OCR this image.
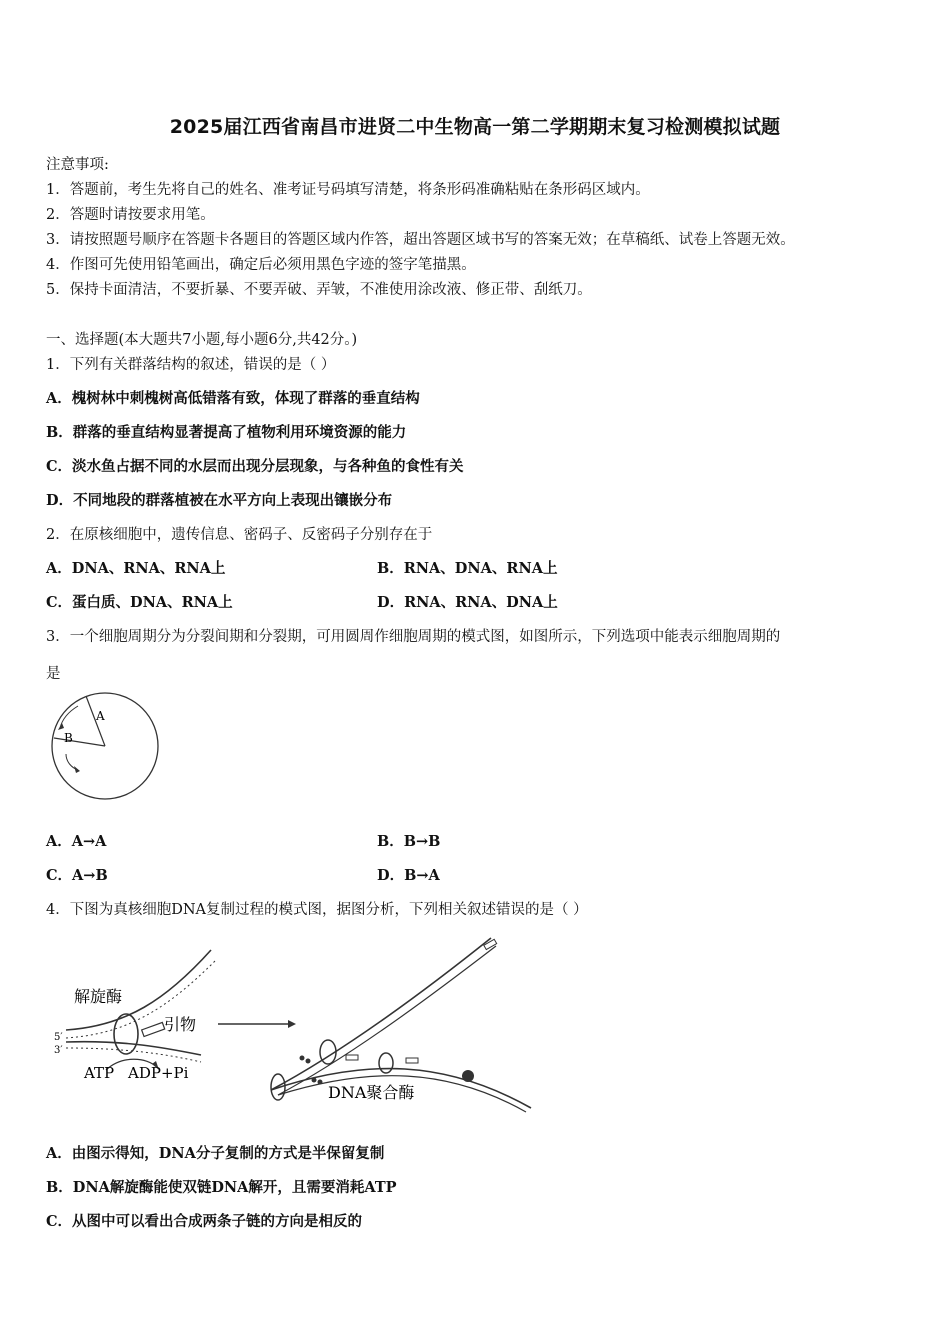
2025届江西省南昌市进贤二中生物高一第二学期期末复习检测模拟试题
注意事项:
1．答题前，考生先将自己的姓名、准考证号码填写清楚，将条形码准确粘贴在条形码区域内。
2．答题时请按要求用笔。
3．请按照题号顺序在答题卡各题目的答题区域内作答，超出答题区域书写的答案无效；在草稿纸、试卷上答题无效。
4．作图可先使用铅笔画出，确定后必须用黑色字迹的签字笔描黑。
5．保持卡面清洁，不要折暴、不要弄破、弄皱，不准使用涂改液、修正带、刮纸刀。
一、选择题(本大题共7小题,每小题6分,共42分。)
1．下列有关群落结构的叙述，错误的是（ ）
A．槐树林中刺槐树高低错落有致，体现了群落的垂直结构
B．群落的垂直结构显著提高了植物利用环境资源的能力
C．淡水鱼占据不同的水层而出现分层现象，与各种鱼的食性有关
D．不同地段的群落植被在水平方向上表现出镶嵌分布
2．在原核细胞中，遗传信息、密码子、反密码子分别存在于
A．DNA、RNA、RNA上	B．RNA、DNA、RNA上
C．蛋白质、DNA、RNA上	D．RNA、RNA、DNA上
3．一个细胞周期分为分裂间期和分裂期，可用圆周作细胞周期的模式图，如图所示，下列选项中能表示细胞周期的
是
A
B
A．A→A	B．B→B
C．A→B	D．B→A
4．下图为真核细胞DNA复制过程的模式图，据图分析，下列相关叙述错误的是（ ）
解旋酶
引物
5′
3′
ATP ADP+Pi
DNA聚合酶
A．由图示得知，DNA分子复制的方式是半保留复制
B．DNA解旋酶能使双链DNA解开，且需要消耗ATP
C．从图中可以看出合成两条子链的方向是相反的
